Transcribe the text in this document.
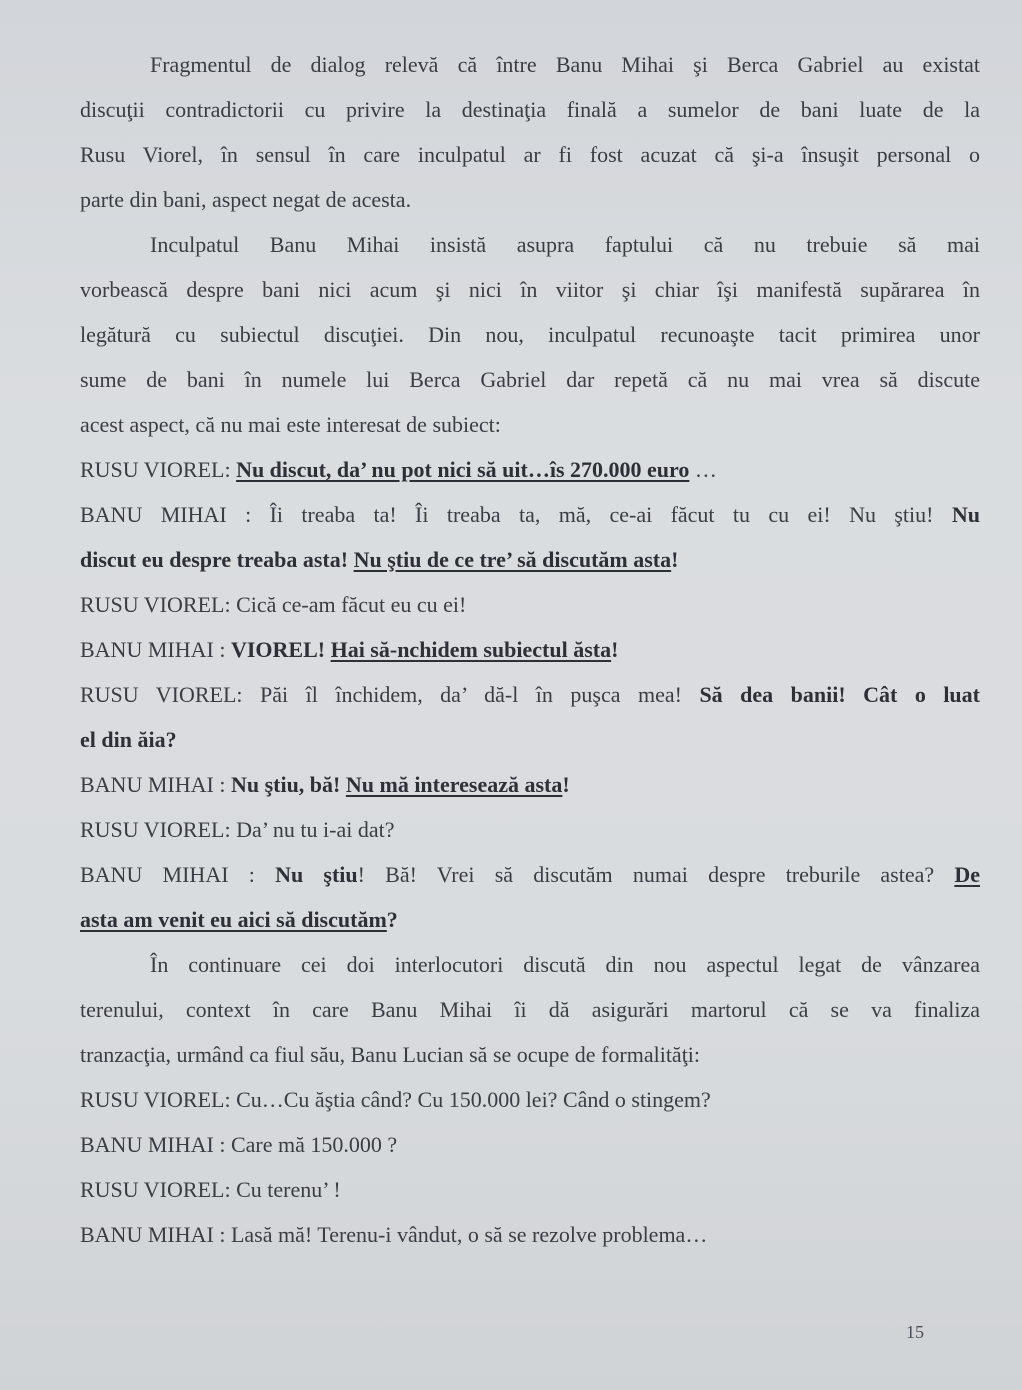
Fragmentul de dialog relevă că între Banu Mihai şi Berca Gabriel au existat
discuţii contradictorii cu privire la destinaţia finală a sumelor de bani luate de la
Rusu Viorel, în sensul în care inculpatul ar fi fost acuzat că şi-a însuşit personal o
parte din bani, aspect negat de acesta.
Inculpatul Banu Mihai insistă asupra faptului că nu trebuie să mai
vorbească despre bani nici acum şi nici în viitor şi chiar îşi manifestă supărarea în
legătură cu subiectul discuţiei. Din nou, inculpatul recunoaşte tacit primirea unor
sume de bani în numele lui Berca Gabriel dar repetă că nu mai vrea să discute
acest aspect, că nu mai este interesat de subiect:
RUSU VIOREL: Nu discut, da’ nu pot nici să uit…îs 270.000 euro …
BANU MIHAI : Îi treaba ta! Îi treaba ta, mă, ce-ai făcut tu cu ei! Nu ştiu! Nu
discut eu despre treaba asta! Nu ştiu de ce tre’ să discutăm asta!
RUSU VIOREL: Cică ce-am făcut eu cu ei!
BANU MIHAI : VIOREL! Hai să-nchidem subiectul ăsta!
RUSU VIOREL: Păi îl închidem, da’ dă-l în puşca mea! Să dea banii! Cât o luat
el din ăia?
BANU MIHAI : Nu ştiu, bă! Nu mă interesează asta!
RUSU VIOREL: Da’ nu tu i-ai dat?
BANU MIHAI : Nu ştiu! Bă! Vrei să discutăm numai despre treburile astea? De
asta am venit eu aici să discutăm?
În continuare cei doi interlocutori discută din nou aspectul legat de vânzarea
terenului, context în care Banu Mihai îi dă asigurări martorul că se va finaliza
tranzacţia, urmând ca fiul său, Banu Lucian să se ocupe de formalităţi:
RUSU VIOREL: Cu…Cu ăştia când? Cu 150.000 lei? Când o stingem?
BANU MIHAI : Care mă 150.000 ?
RUSU VIOREL: Cu terenu’ !
BANU MIHAI : Lasă mă! Terenu-i vândut, o să se rezolve problema…
15
